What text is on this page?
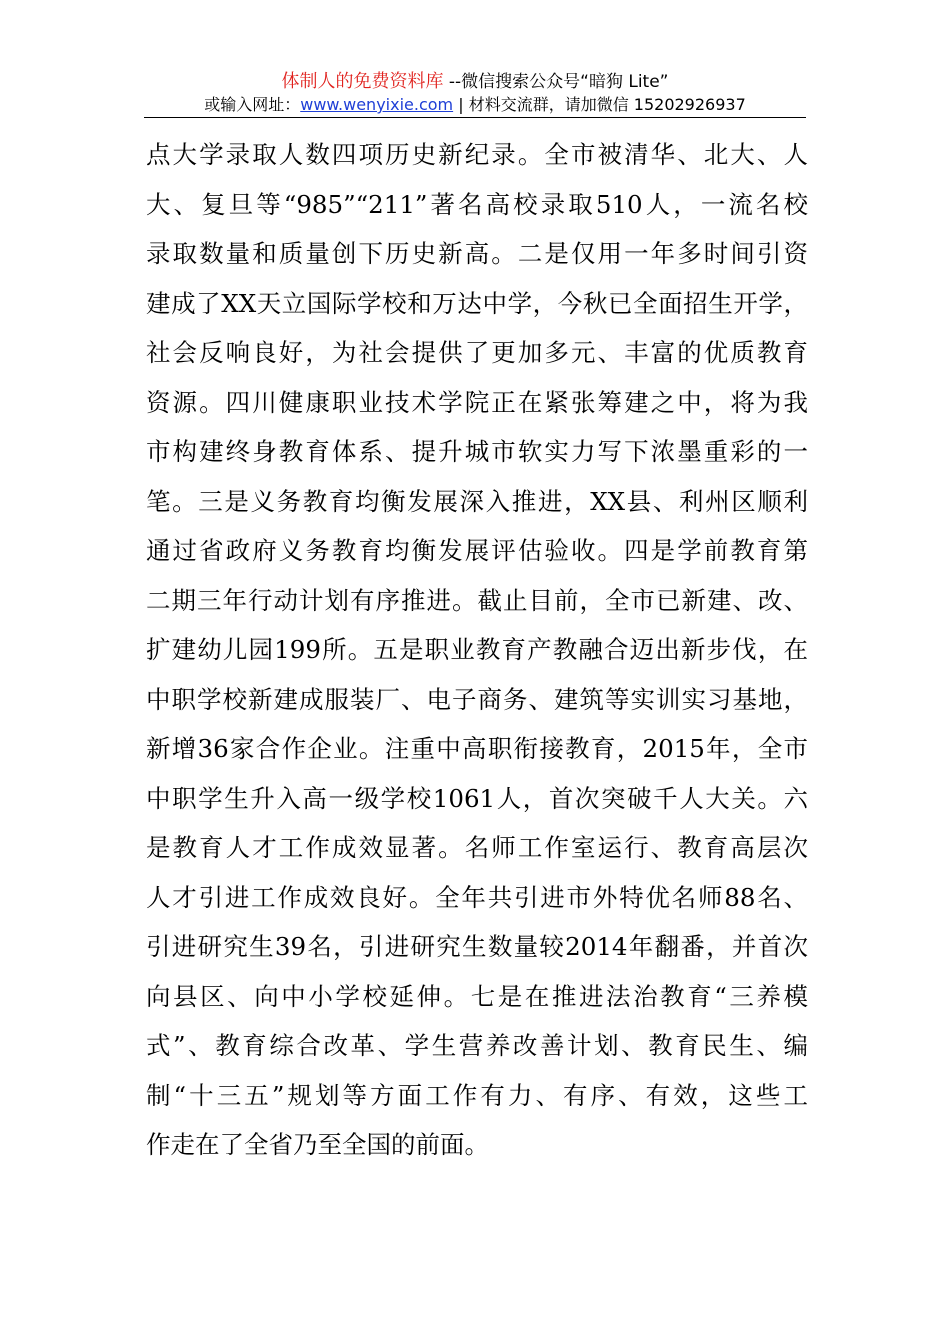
体制人的免费资料库 --微信搜索公众号“暗狗 Lite”
或输入网址：www.wenyixie.com | 材料交流群，请加微信 15202926937
点大学录取人数四项历史新纪录。全市被清华、北大、人
大、复旦等“985”“211”著名高校录取510人，一流名校
录取数量和质量创下历史新高。二是仅用一年多时间引资
建成了XX天立国际学校和万达中学，今秋已全面招生开学，
社会反响良好，为社会提供了更加多元、丰富的优质教育
资源。四川健康职业技术学院正在紧张筹建之中，将为我
市构建终身教育体系、提升城市软实力写下浓墨重彩的一
笔。三是义务教育均衡发展深入推进，XX县、利州区顺利
通过省政府义务教育均衡发展评估验收。四是学前教育第
二期三年行动计划有序推进。截止目前，全市已新建、改、
扩建幼儿园199所。五是职业教育产教融合迈出新步伐，在
中职学校新建成服装厂、电子商务、建筑等实训实习基地，
新增36家合作企业。注重中高职衔接教育，2015年，全市
中职学生升入高一级学校1061人，首次突破千人大关。六
是教育人才工作成效显著。名师工作室运行、教育高层次
人才引进工作成效良好。全年共引进市外特优名师88名、
引进研究生39名，引进研究生数量较2014年翻番，并首次
向县区、向中小学校延伸。七是在推进法治教育“三养模
式”、教育综合改革、学生营养改善计划、教育民生、编
制“十三五”规划等方面工作有力、有序、有效，这些工
作走在了全省乃至全国的前面。
